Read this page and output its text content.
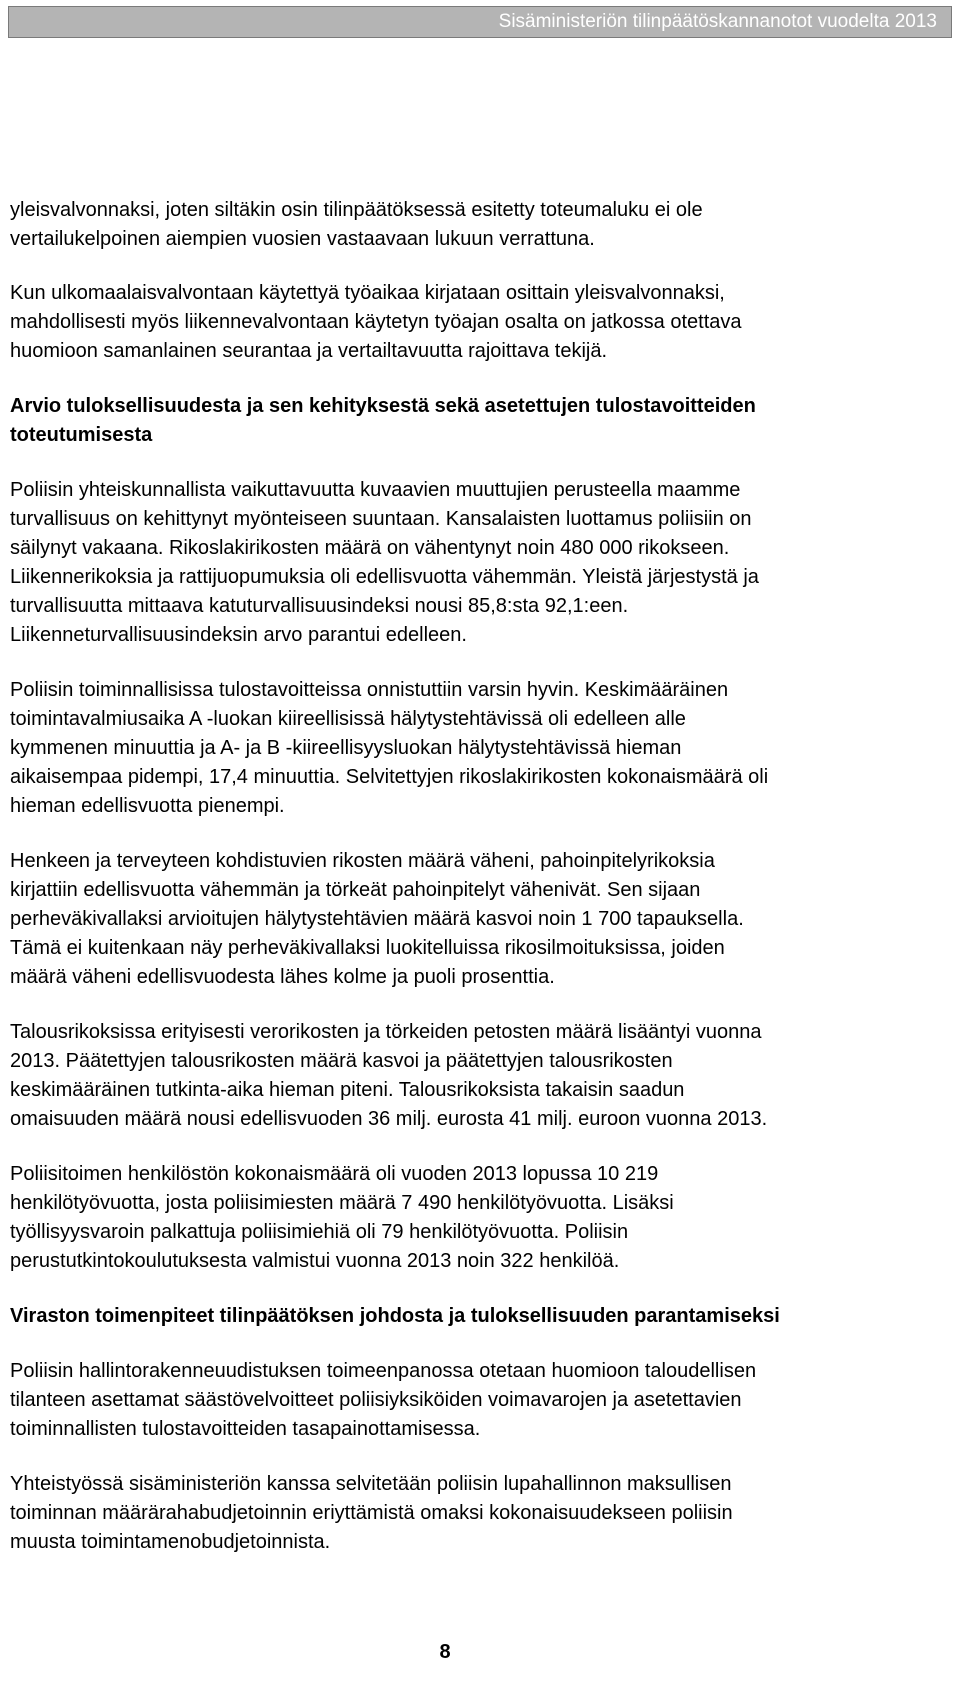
Sisäministeriön tilinpäätöskannanotot vuodelta 2013

yleisvalvonnaksi, joten siltäkin osin tilinpäätöksessä esitetty toteumaluku ei ole
vertailukelpoinen aiempien vuosien vastaavaan lukuun verrattuna.

Kun ulkomaalaisvalvontaan käytettyä työaikaa kirjataan osittain yleisvalvonnaksi,
mahdollisesti myös liikennevalvontaan käytetyn työajan osalta on jatkossa otettava
huomioon samanlainen seurantaa ja vertailtavuutta rajoittava tekijä.

Arvio tuloksellisuudesta ja sen kehityksestä sekä asetettujen tulostavoitteiden
toteutumisesta

Poliisin yhteiskunnallista vaikuttavuutta kuvaavien muuttujien perusteella maamme
turvallisuus on kehittynyt myönteiseen suuntaan. Kansalaisten luottamus poliisiin on
säilynyt vakaana. Rikoslakirikosten määrä on vähentynyt noin 480 000 rikokseen.
Liikennerikoksia ja rattijuopumuksia oli edellisvuotta vähemmän. Yleistä järjestystä ja
turvallisuutta mittaava katuturvallisuusindeksi nousi 85,8:sta 92,1:een.
Liikenneturvallisuusindeksin arvo parantui edelleen.

Poliisin toiminnallisissa tulostavoitteissa onnistuttiin varsin hyvin. Keskimääräinen
toimintavalmiusaika A -luokan kiireellisissä hälytystehtävissä oli edelleen alle
kymmenen minuuttia ja A- ja B -kiireellisyysluokan hälytystehtävissä hieman
aikaisempaa pidempi, 17,4 minuuttia. Selvitettyjen rikoslakirikosten kokonaismäärä oli
hieman edellisvuotta pienempi.

Henkeen ja terveyteen kohdistuvien rikosten määrä väheni, pahoinpitelyrikoksia
kirjattiin edellisvuotta vähemmän ja törkeät pahoinpitelyt vähenivät. Sen sijaan
perheväkivallaksi arvioitujen hälytystehtävien määrä kasvoi noin 1 700 tapauksella.
Tämä ei kuitenkaan näy perheväkivallaksi luokitelluissa rikosilmoituksissa, joiden
määrä väheni edellisvuodesta lähes kolme ja puoli prosenttia.

Talousrikoksissa erityisesti verorikosten ja törkeiden petosten määrä lisääntyi vuonna
2013. Päätettyjen talousrikosten määrä kasvoi ja päätettyjen talousrikosten
keskimääräinen tutkinta-aika hieman piteni. Talousrikoksista takaisin saadun
omaisuuden määrä nousi edellisvuoden 36 milj. eurosta 41 milj. euroon vuonna 2013.

Poliisitoimen henkilöstön kokonaismäärä oli vuoden 2013 lopussa 10 219
henkilötyövuotta, josta poliisimiesten määrä 7 490 henkilötyövuotta. Lisäksi
työllisyysvaroin palkattuja poliisimiehiä oli 79 henkilötyövuotta. Poliisin
perustutkintokoulutuksesta valmistui vuonna 2013 noin 322 henkilöä.

Viraston toimenpiteet tilinpäätöksen johdosta ja tuloksellisuuden parantamiseksi

Poliisin hallintorakenneuudistuksen toimeenpanossa otetaan huomioon taloudellisen
tilanteen asettamat säästövelvoitteet poliisiyksiköiden voimavarojen ja asetettavien
toiminnallisten tulostavoitteiden tasapainottamisessa.

Yhteistyössä sisäministeriön kanssa selvitetään poliisin lupahallinnon maksullisen
toiminnan määrärahabudjetoinnin eriyttämistä omaksi kokonaisuudekseen poliisin
muusta toimintamenobudjetoinnista.

8
